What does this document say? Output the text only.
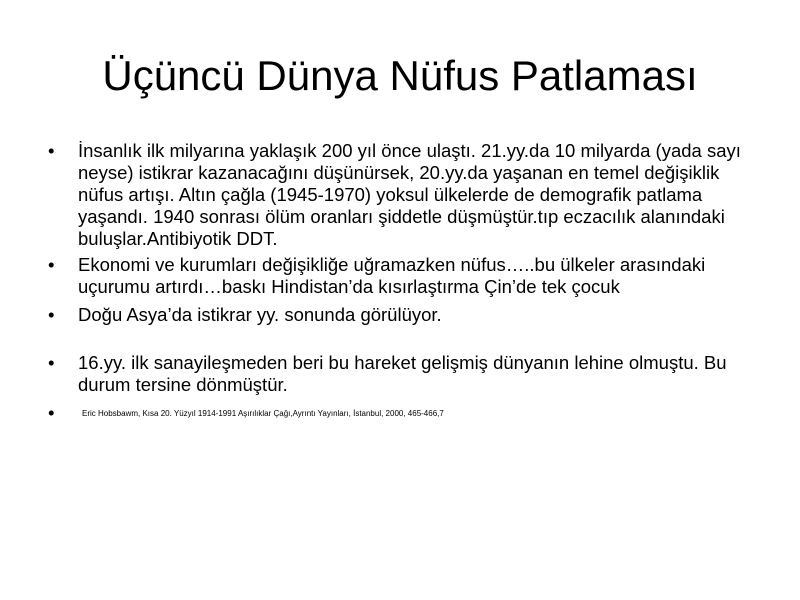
Üçüncü Dünya Nüfus Patlaması
• İnsanlık ilk milyarına yaklaşık 200 yıl önce ulaştı. 21.yy.da 10 milyarda (yada sayı neyse) istikrar kazanacağını düşünürsek, 20.yy.da yaşanan en temel değişiklik nüfus artışı. Altın çağla (1945-1970) yoksul ülkelerde de demografik patlama yaşandı. 1940 sonrası ölüm oranları şiddetle düşmüştür.tıp eczacılık alanındaki buluşlar.Antibiyotik DDT.
• Ekonomi ve kurumları değişikliğe uğramazken nüfus…..bu ülkeler arasındaki uçurumu artırdı…baskı Hindistan’da kısırlaştırma Çin’de tek çocuk
• Doğu Asya’da istikrar yy. sonunda görülüyor.
• 16.yy. ilk sanayileşmeden beri bu hareket gelişmiş dünyanın lehine olmuştu. Bu durum tersine dönmüştür.
•	Eric Hobsbawm, Kısa 20. Yüzyıl 1914-1991 Aşırılıklar Çağı,Ayrıntı Yayınları, İstanbul, 2000, 465-466,7
